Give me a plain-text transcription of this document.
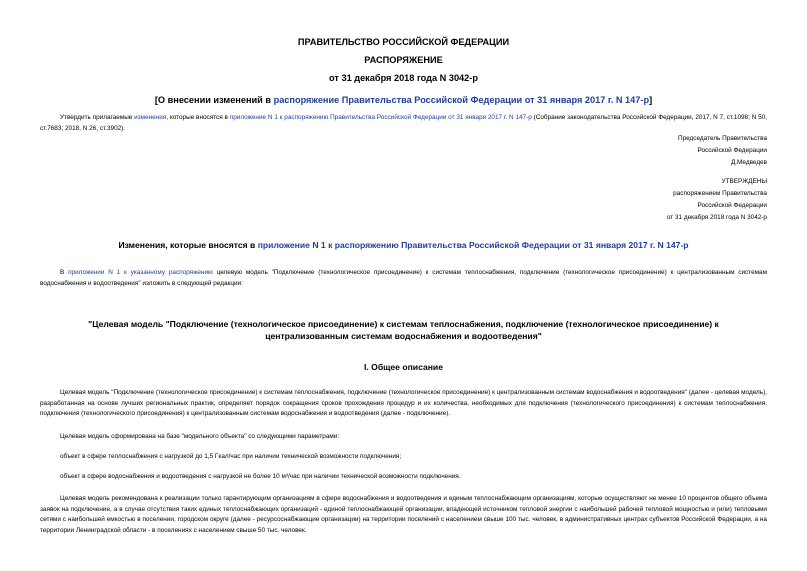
ПРАВИТЕЛЬСТВО РОССИЙСКОЙ ФЕДЕРАЦИИ
РАСПОРЯЖЕНИЕ
от 31 декабря 2018 года N 3042-р
[О внесении изменений в распоряжение Правительства Российской Федерации от 31 января 2017 г. N 147-р]
Утвердить прилагаемые изменения, которые вносятся в приложение N 1 к распоряжению Правительства Российской Федерации от 31 января 2017 г. N 147-р (Собрание законодательства Российской Федерации, 2017, N 7, ст.1098; N 50, ст.7683; 2018, N 26, ст.3902).
Председатель Правительства
Российской Федерации
Д.Медведев
УТВЕРЖДЕНЫ
распоряжением Правительства
Российской Федерации
от 31 декабря 2018 года N 3042-р
Изменения, которые вносятся в приложение N 1 к распоряжению Правительства Российской Федерации от 31 января 2017 г. N 147-р
В приложении N 1 к указанному распоряжению целевую модель "Подключение (технологическое присоединение) к системам теплоснабжения, подключение (технологическое присоединение) к централизованным системам водоснабжения и водоотведения" изложить в следующей редакции:
"Целевая модель "Подключение (технологическое присоединение) к системам теплоснабжения, подключение (технологическое присоединение) к централизованным системам водоснабжения и водоотведения"
I. Общее описание
Целевая модель "Подключение (технологическое присоединение) к системам теплоснабжения, подключение (технологическое присоединение) к централизованным системам водоснабжения и водоотведения" (далее - целевая модель), разработанная на основе лучших региональных практик, определяет порядок сокращения сроков прохождения процедур и их количества, необходимых для подключения (технологического присоединения) к системам теплоснабжения, подключения (технологического присоединения) к централизованным системам водоснабжения и водоотведения (далее - подключение).
Целевая модель сформирована на базе "модельного объекта" со следующими параметрами:
объект в сфере теплоснабжения с нагрузкой до 1,5 Гкал/час при наличии технической возможности подключения;
объект в сфере водоснабжения и водоотведения с нагрузкой не более 10 м³/час при наличии технической возможности подключения.
Целевая модель рекомендована к реализации только гарантирующим организациям в сфере водоснабжения и водоотведения и единым теплоснабжающим организациям, которые осуществляют не менее 10 процентов общего объема заявок на подключение, а в случае отсутствия таких единых теплоснабжающих организаций - единой теплоснабжающей организации, владеющей источником тепловой энергии с наибольшей рабочей тепловой мощностью и (или) тепловыми сетями с наибольшей емкостью в поселении, городском округе (далее - ресурсоснабжающие организации) на территории поселений с населением свыше 100 тыс. человек, в административных центрах субъектов Российской Федерации, а на территории Ленинградской области - в поселениях с населением свыше 50 тыс. человек.
